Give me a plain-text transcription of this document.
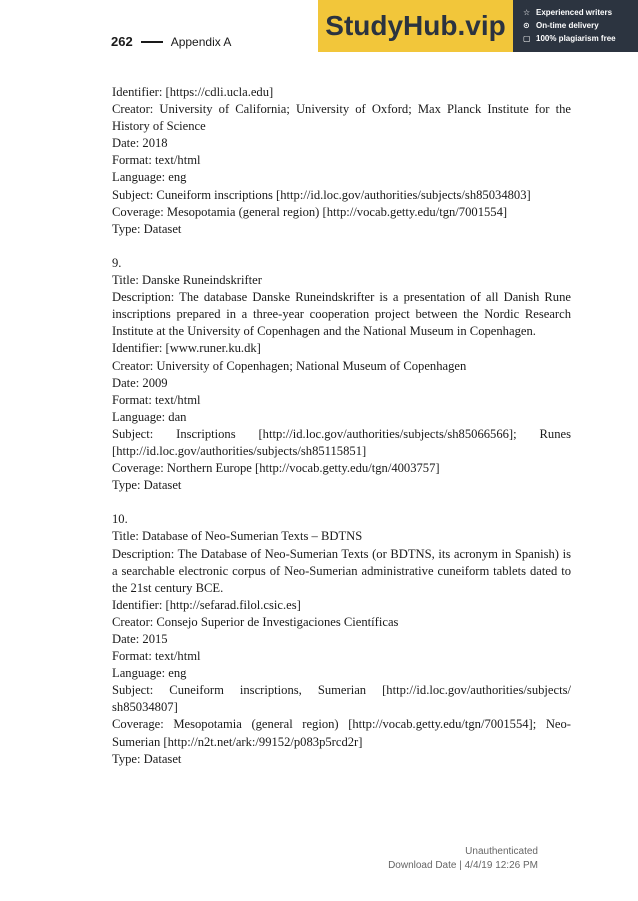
262	Appendix A
StudyHub .vip ☆ Experienced writers
⊙ On-time delivery
▢ 100% plagiarism free

Identifier: [https://cdli.ucla.edu]

Creator: University of California; University of Oxford; Max Planck Institute for the History of Science

Date: 2018

Format: text/html

Language: eng

Subject: Cuneiform inscriptions [http://id.loc.gov/authorities/subjects/sh85034803]

Coverage: Mesopotamia (general region) [http://vocab.getty.edu/tgn/7001554]

Type: Dataset

9.

Title: Danske Runeindskrifter

Description: The database Danske Runeindskrifter is a presentation of all Danish Rune inscriptions prepared in a three-year cooperation project between the Nordic Research Institute at the University of Copenhagen and the National Museum in Copenhagen.

Identifier: [www.runer.ku.dk]

Creator: University of Copenhagen; National Museum of Copenhagen

Date: 2009

Format: text/html

Language: dan

Subject: Inscriptions [http://id.loc.gov/authorities/subjects/sh85066566]; Runes [http://id.loc.gov/authorities/subjects/sh85115851]

Coverage: Northern Europe [http://vocab.getty.edu/tgn/4003757]

Type: Dataset

10.

Title: Database of Neo-Sumerian Texts – BDTNS

Description: The Database of Neo-Sumerian Texts (or BDTNS, its acronym in Spanish) is a searchable electronic corpus of Neo-Sumerian administrative cuneiform tablets dated to the 21st century BCE.

Identifier: [http://sefarad.filol.csic.es]

Creator: Consejo Superior de Investigaciones Científicas

Date: 2015

Format: text/html

Language: eng

Subject: Cuneiform inscriptions, Sumerian [http://id.loc.gov/authorities/subjects/ sh85034807]

Coverage: Mesopotamia (general region) [http://vocab.getty.edu/tgn/7001554]; Neo-Sumerian [http://n2t.net/ark:/99152/p083p5rcd2r]

Type: Dataset

Unauthenticated
Download Date | 4/4/19 12:26 PM
